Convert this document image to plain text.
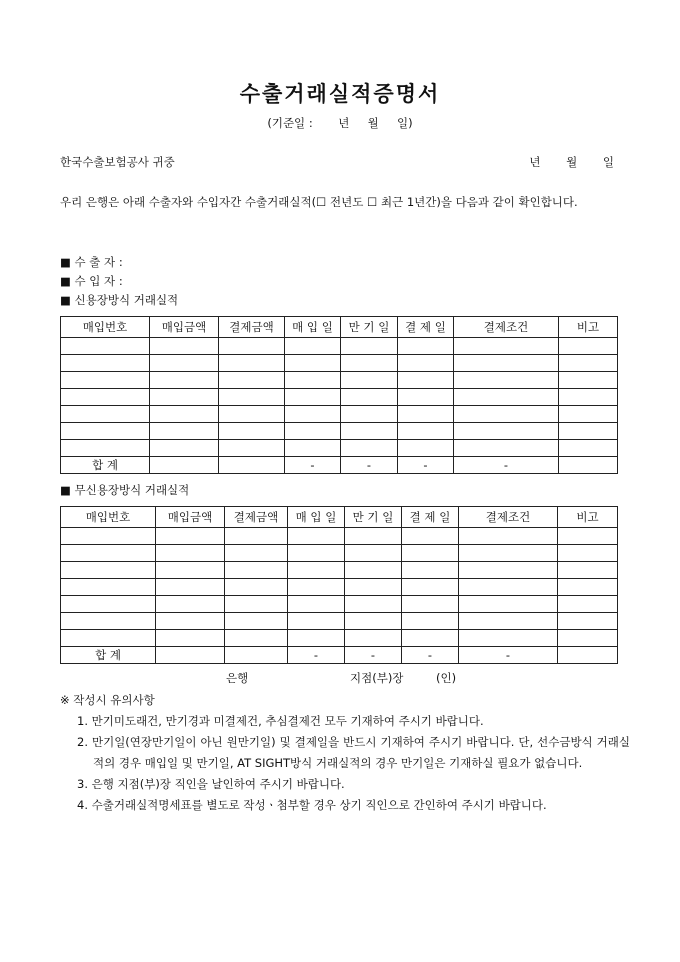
수출거래실적증명서
(기준일 :       년     월     일)
한국수출보험공사 귀중	년 월 일
우리 은행은 아래 수출자와 수입자간 수출거래실적(☐ 전년도 ☐ 최근 1년간)을 다음과 같이 확인합니다.
■ 수 출 자 :
■ 수 입 자 :
■ 신용장방식 거래실적
매입번호	매입금액	결제금액	매 입 일	만 기 일	결 제 일	결제조건	비고

합 계			-	-	-	-	
■ 무신용장방식 거래실적
매입번호	매입금액	결제금액	매 입 일	만 기 일	결 제 일	결제조건	비고

합 계			-	-	-	-	
은행	지점(부)장	(인)
※ 작성시 유의사항
1. 만기미도래건, 만기경과 미결제건, 추심결제건 모두 기재하여 주시기 바랍니다.
2. 만기일(연장만기일이 아닌 원만기일) 및 결제일을 반드시 기재하여 주시기 바랍니다. 단, 선수금방식 거래실적의 경우 매입일 및 만기일, AT SIGHT방식 거래실적의 경우 만기일은 기재하실 필요가 없습니다.
3. 은행 지점(부)장 직인을 날인하여 주시기 바랍니다.
4. 수출거래실적명세표를 별도로 작성ㆍ첨부할 경우 상기 직인으로 간인하여 주시기 바랍니다.
